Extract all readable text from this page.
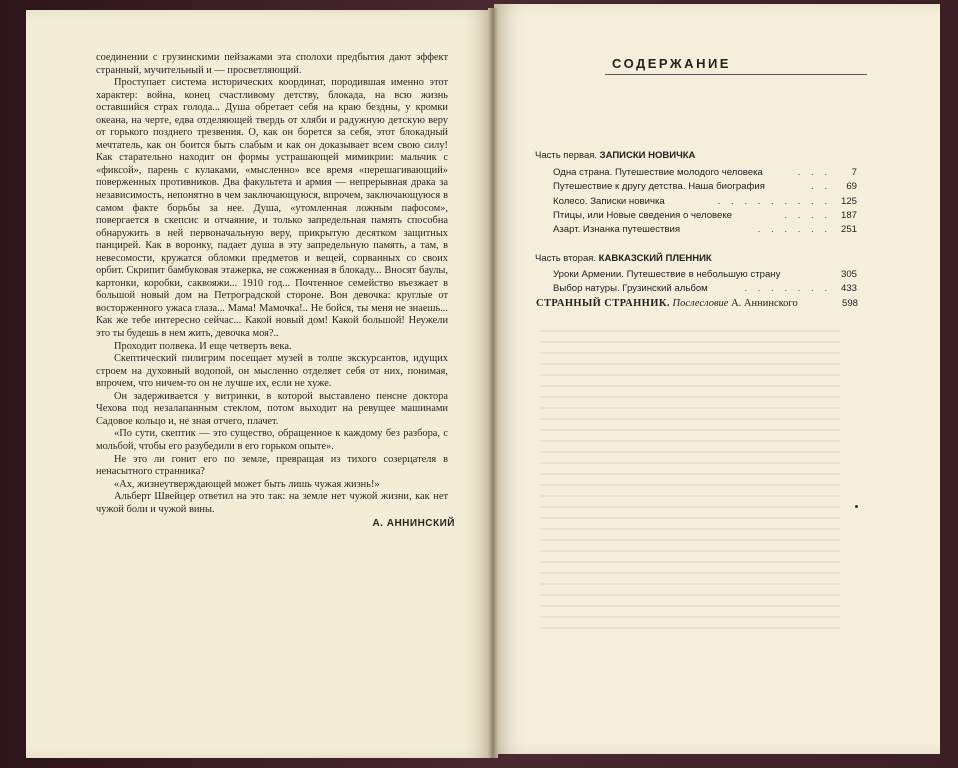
соединении с грузинскими пейзажами эта сполохи предбытия дают эффект странный, мучительный и — просветляющий.

Проступает система исторических координат, породившая именно этот характер: война, конец счастливому детству, блокада, на всю жизнь оставшийся страх голода... Душа обретает себя на краю бездны, у кромки океана, на черте, едва отделяющей твердь от хляби и радужную детскую веру от горького позднего трезвения. О, как он борется за себя, этот блокадный мечтатель, как он боится быть слабым и как он доказывает всем свою силу! Как старательно находит он формы устрашающей мимикрии: мальчик с «фиксой», парень с кулаками, «мысленно» все время «перешагивающий» поверженных противников. Два факультета и армия — непрерывная драка за независимость, непонятно в чем заключающуюся, впрочем, заключающуюся в самом факте борьбы за нее. Душа, «утомленная ложным пафосом», повергается в скепсис и отчаяние, и только запредельная память способна обнаружить в ней первоначальную веру, прикрытую десятком защитных панцирей. Как в воронку, падает душа в эту запредельную память, а там, в невесомости, кружатся обломки предметов и вещей, сорванных со своих орбит. Скрипит бамбуковая этажерка, не сожженная в блокаду... Вносят баулы, картонки, коробки, саквояжи... 1910 год... Почтенное семейство въезжает в большой новый дом на Петроградской стороне. Вон девочка: круглые от восторженного ужаса глаза... Мама! Мамочка!.. Не бойся, ты меня не знаешь... Как же тебе интересно сейчас... Какой новый дом! Какой большой! Неужели это ты будешь в нем жить, девочка моя?..

Проходит полвека. И еще четверть века.

Скептический пилигрим посещает музей в толпе экскурсантов, идущих строем на духовный водопой, он мысленно отделяет себя от них, понимая, впрочем, что ничем-то он не лучше их, если не хуже.

Он задерживается у витринки, в которой выставлено пенсне доктора Чехова под незалапанным стеклом, потом выходит на ревущее машинами Садовое кольцо и, не зная отчего, плачет.

«По сути, скептик — это существо, обращенное к каждому без разбора, с мольбой, чтобы его разубедили в его горьком опыте».

Не это ли гонит его по земле, превращая из тихого созерцателя в ненасытного странника?

«Ах, жизнеутверждающей может быть лишь чужая жизнь!»

Альберт Швейцер ответил на это так: на земле нет чужой жизни, как нет чужой боли и чужой вины.

А. АННИНСКИЙ
СОДЕРЖАНИЕ
Часть первая. ЗАПИСКИ НОВИЧКА
Одна страна. Путешествие молодого человека	. . . 7
Путешествие к другу детства. Наша биография	. . 69
Колесо. Записки новичка	. . . . . . . . . 125
Птицы, или Новые сведения о человеке	. . . . 187
Азарт. Изнанка путешествия	. . . . . . 251
Часть вторая. КАВКАЗСКИЙ ПЛЕННИК
Уроки Армении. Путешествие в небольшую страну	305
Выбор натуры. Грузинский альбом	. . . . . . . 433
СТРАННЫЙ СТРАННИК. Послесловие А. Аннинского	598
